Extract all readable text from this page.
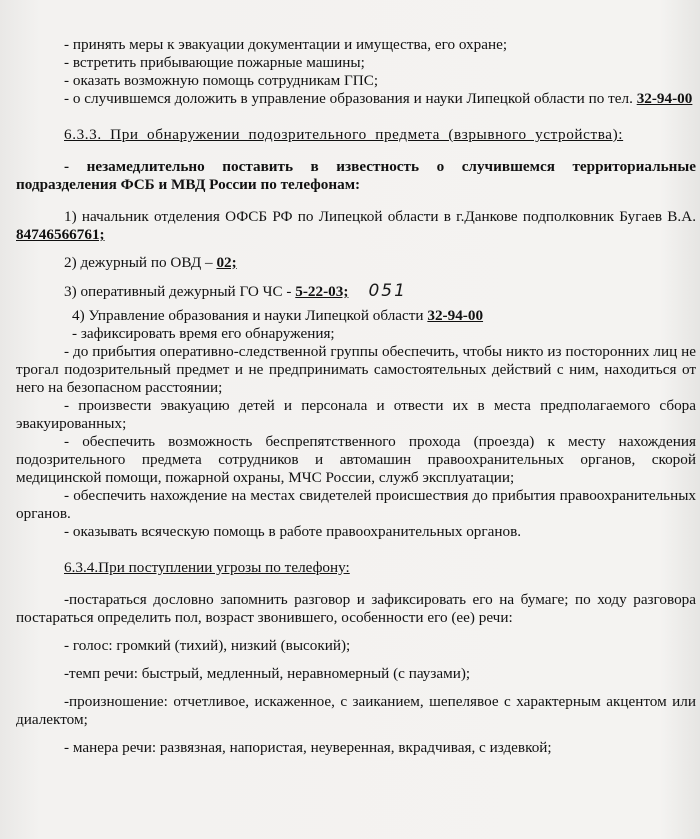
- принять меры к эвакуации документации и имущества, его охране;

- встретить прибывающие пожарные машины;

- оказать возможную помощь сотрудникам ГПС;

- о случившемся доложить в управление образования и науки Липецкой области по тел. 32-94-00

6.3.3. При обнаружении подозрительного предмета (взрывного устройства):

- незамедлительно поставить в известность о случившемся территориальные подразделения ФСБ и МВД России по телефонам:

1) начальник отделения ОФСБ РФ по Липецкой области в г.Данкове подполковник Бугаев В.А. 84746566761;

2) дежурный по ОВД – 02;

3) оперативный дежурный ГО ЧС - 5-22-03; 051

4) Управление образования и науки Липецкой области 32-94-00

- зафиксировать время его обнаружения;

- до прибытия оперативно-следственной группы обеспечить, чтобы никто из посторонних лиц не трогал подозрительный предмет и не предпринимать самостоятельных действий с ним, находиться от него на безопасном расстоянии;

- произвести эвакуацию детей и персонала и отвести их в места предполагаемого сбора эвакуированных;

- обеспечить возможность беспрепятственного прохода (проезда) к месту нахождения подозрительного предмета сотрудников и автомашин правоохранительных органов, скорой медицинской помощи, пожарной охраны, МЧС России, служб эксплуатации;

- обеспечить нахождение на местах свидетелей происшествия до прибытия правоохранительных органов.

- оказывать всяческую помощь в работе правоохранительных органов.

6.3.4.При поступлении угрозы по телефону:

-постараться дословно запомнить разговор и зафиксировать его на бумаге; по ходу разговора постараться определить пол, возраст звонившего, особенности его (ее) речи:

- голос: громкий (тихий), низкий (высокий);

-темп речи: быстрый, медленный, неравномерный (с паузами);

-произношение: отчетливое, искаженное, с заиканием, шепелявое с характерным акцентом или диалектом;

- манера речи: развязная, напористая, неуверенная, вкрадчивая, с издевкой;
